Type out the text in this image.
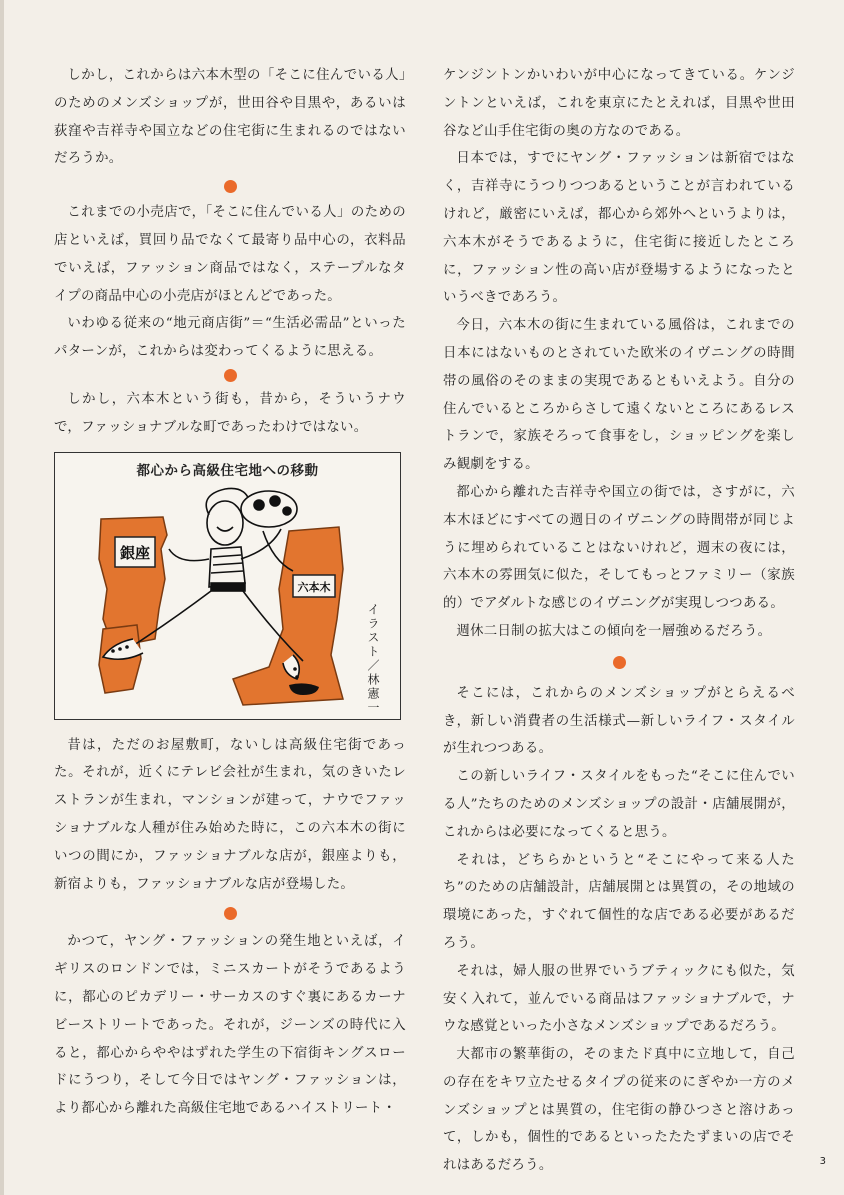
しかし，これからは六本木型の「そこに住んでいる人」のためのメンズショップが，世田谷や目黒や，あるいは荻窪や吉祥寺や国立などの住宅街に生まれるのではないだろうか。

これまでの小売店で，「そこに住んでいる人」のための店といえば，買回り品でなくて最寄り品中心の，衣料品でいえば，ファッション商品ではなく，ステープルなタイプの商品中心の小売店がほとんどであった。

いわゆる従来の“地元商店街”＝“生活必需品”といったパターンが，これからは変わってくるように思える。

しかし，六本木という街も，昔から，そういうナウで，ファッショナブルな町であったわけではない。

都心から高級住宅地への移動
銀座
六本木
イラスト／林憲一

昔は，ただのお屋敷町，ないしは高級住宅街であった。それが，近くにテレビ会社が生まれ，気のきいたレストランが生まれ，マンションが建って，ナウでファッショナブルな人種が住み始めた時に，この六本木の街にいつの間にか，ファッショナブルな店が，銀座よりも，新宿よりも，ファッショナブルな店が登場した。

かつて，ヤング・ファッションの発生地といえば，イギリスのロンドンでは，ミニスカートがそうであるように，都心のピカデリー・サーカスのすぐ裏にあるカーナビーストリートであった。それが，ジーンズの時代に入ると，都心からややはずれた学生の下宿街キングスロードにうつり，そして今日ではヤング・ファッションは，より都心から離れた高級住宅地であるハイストリート・

ケンジントンかいわいが中心になってきている。ケンジントンといえば，これを東京にたとえれば，目黒や世田谷など山手住宅街の奥の方なのである。

日本では，すでにヤング・ファッションは新宿ではなく，吉祥寺にうつりつつあるということが言われているけれど，厳密にいえば，都心から郊外へというよりは，六本木がそうであるように，住宅街に接近したところに，ファッション性の高い店が登場するようになったというべきであろう。

今日，六本木の街に生まれている風俗は，これまでの日本にはないものとされていた欧米のイヴニングの時間帯の風俗のそのままの実現であるともいえよう。自分の住んでいるところからさして遠くないところにあるレストランで，家族そろって食事をし，ショッピングを楽しみ観劇をする。

都心から離れた吉祥寺や国立の街では，さすがに，六本木ほどにすべての週日のイヴニングの時間帯が同じように埋められていることはないけれど，週末の夜には，六本木の雰囲気に似た，そしてもっとファミリー（家族的）でアダルトな感じのイヴニングが実現しつつある。

週休二日制の拡大はこの傾向を一層強めるだろう。

そこには，これからのメンズショップがとらえるべき，新しい消費者の生活様式—新しいライフ・スタイルが生れつつある。

この新しいライフ・スタイルをもった“そこに住んでいる人”たちのためのメンズショップの設計・店舗展開が，これからは必要になってくると思う。

それは，どちらかというと“そこにやって来る人たち”のための店舗設計，店舗展開とは異質の，その地域の環境にあった，すぐれて個性的な店である必要があるだろう。

それは，婦人服の世界でいうブティックにも似た，気安く入れて，並んでいる商品はファッショナブルで，ナウな感覚といった小さなメンズショップであるだろう。

大都市の繁華街の，そのまたド真中に立地して，自己の存在をキワ立たせるタイプの従来のにぎやか一方のメンズショップとは異質の，住宅街の静ひつさと溶けあって，しかも，個性的であるといったたたずまいの店でそれはあるだろう。	3
